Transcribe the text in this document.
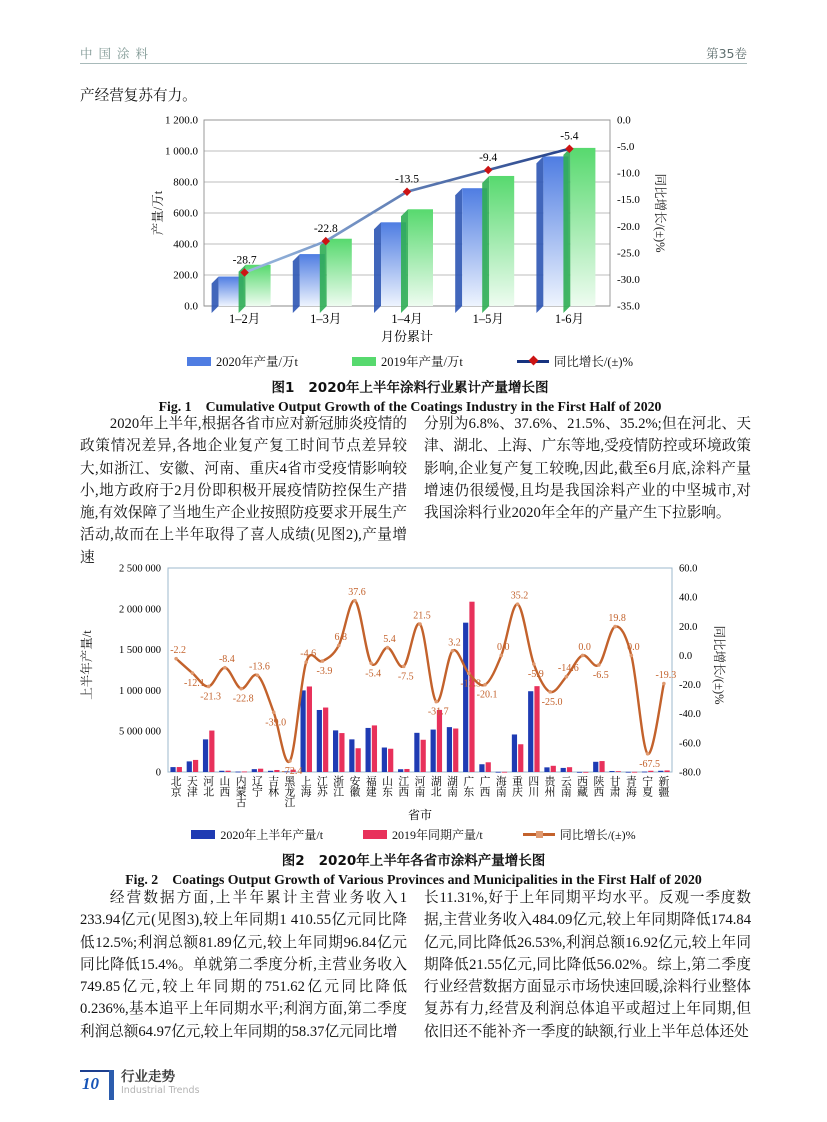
中国涂料	第35卷
产经营复苏有力。
1 200.0
1 000.0
800.0
600.0
400.0
200.0
0.0
0.0
-5.0
-10.0
-15.0
-20.0
-25.0
-30.0
-35.0
1–2月	1–3月	1–4月	1–5月	1-6月
-28.7
-22.8
-13.5
-9.4
-5.4
月份累计
产量/万t	同比增长/(±)%
2020年产量/万t	2019年产量/万t	同比增长/(±)%
图1 2020年上半年涂料行业累计产量增长图
Fig. 1 Cumulative Output Growth of the Coatings Industry in the First Half of 2020
2020年上半年,根据各省市应对新冠肺炎疫情的政策情况差异,各地企业复产复工时间节点差异较大,如浙江、安徽、河南、重庆4省市受疫情影响较小,地方政府于2月份即积极开展疫情防控保生产措施,有效保障了当地生产企业按照防疫要求开展生产活动,故而在上半年取得了喜人成绩(见图2),产量增速
分别为6.8%、37.6%、21.5%、35.2%;但在河北、天津、湖北、上海、广东等地,受疫情防控或环境政策影响,企业复产复工较晚,因此,截至6月底,涂料产量增速仍很缓慢,且均是我国涂料产业的中坚城市,对我国涂料行业2020年全年的产量产生下拉影响。
2 500 000
2 000 000
1 500 000
1 000 000
5 000 000
0
60.0
40.0
20.0
0.0
-20.0
-40.0
-60.0
-80.0
北京
天津
河北
山西
内蒙古
辽宁
吉林
黑龙江
上海
江苏
浙江
安徽
福建
山东
江西
河南
湖北
湖南
广东
广西
海南
重庆
四川
贵州
云南
西藏
陕西
甘肃
青海
宁夏
新疆
-2.2
-12.1
-21.3
-8.4
-22.8
-13.6
-39.0
-72.4
-4.6
-3.9
6.8
37.6
-5.4
5.4
-7.5
21.5
-31.7
3.2
-12.3
-20.1
0.0
35.2
-5.9
-25.0
-14.6
0.0
-6.5
19.8
0.0
-67.5
-19.3
省市
上半年产量/t	同比增长/(±)%
2020年上半年产量/t	2019年同期产量/t	同比增长/(±)%
图2 2020年上半年各省市涂料产量增长图
Fig. 2 Coatings Output Growth of Various Provinces and Municipalities in the First Half of 2020
经营数据方面,上半年累计主营业务收入1 233.94亿元(见图3),较上年同期1 410.55亿元同比降低12.5%;利润总额81.89亿元,较上年同期96.84亿元同比降低15.4%。单就第二季度分析,主营业务收入749.85亿元,较上年同期的751.62亿元同比降低0.236%,基本追平上年同期水平;利润方面,第二季度利润总额64.97亿元,较上年同期的58.37亿元同比增
长11.31%,好于上年同期平均水平。反观一季度数据,主营业务收入484.09亿元,较上年同期降低174.84亿元,同比降低26.53%,利润总额16.92亿元,较上年同期降低21.55亿元,同比降低56.02%。综上,第二季度行业经营数据方面显示市场快速回暖,涂料行业整体复苏有力,经营及利润总体追平或超过上年同期,但依旧还不能补齐一季度的缺额,行业上半年总体还处
10	行业走势
Industrial Trends
